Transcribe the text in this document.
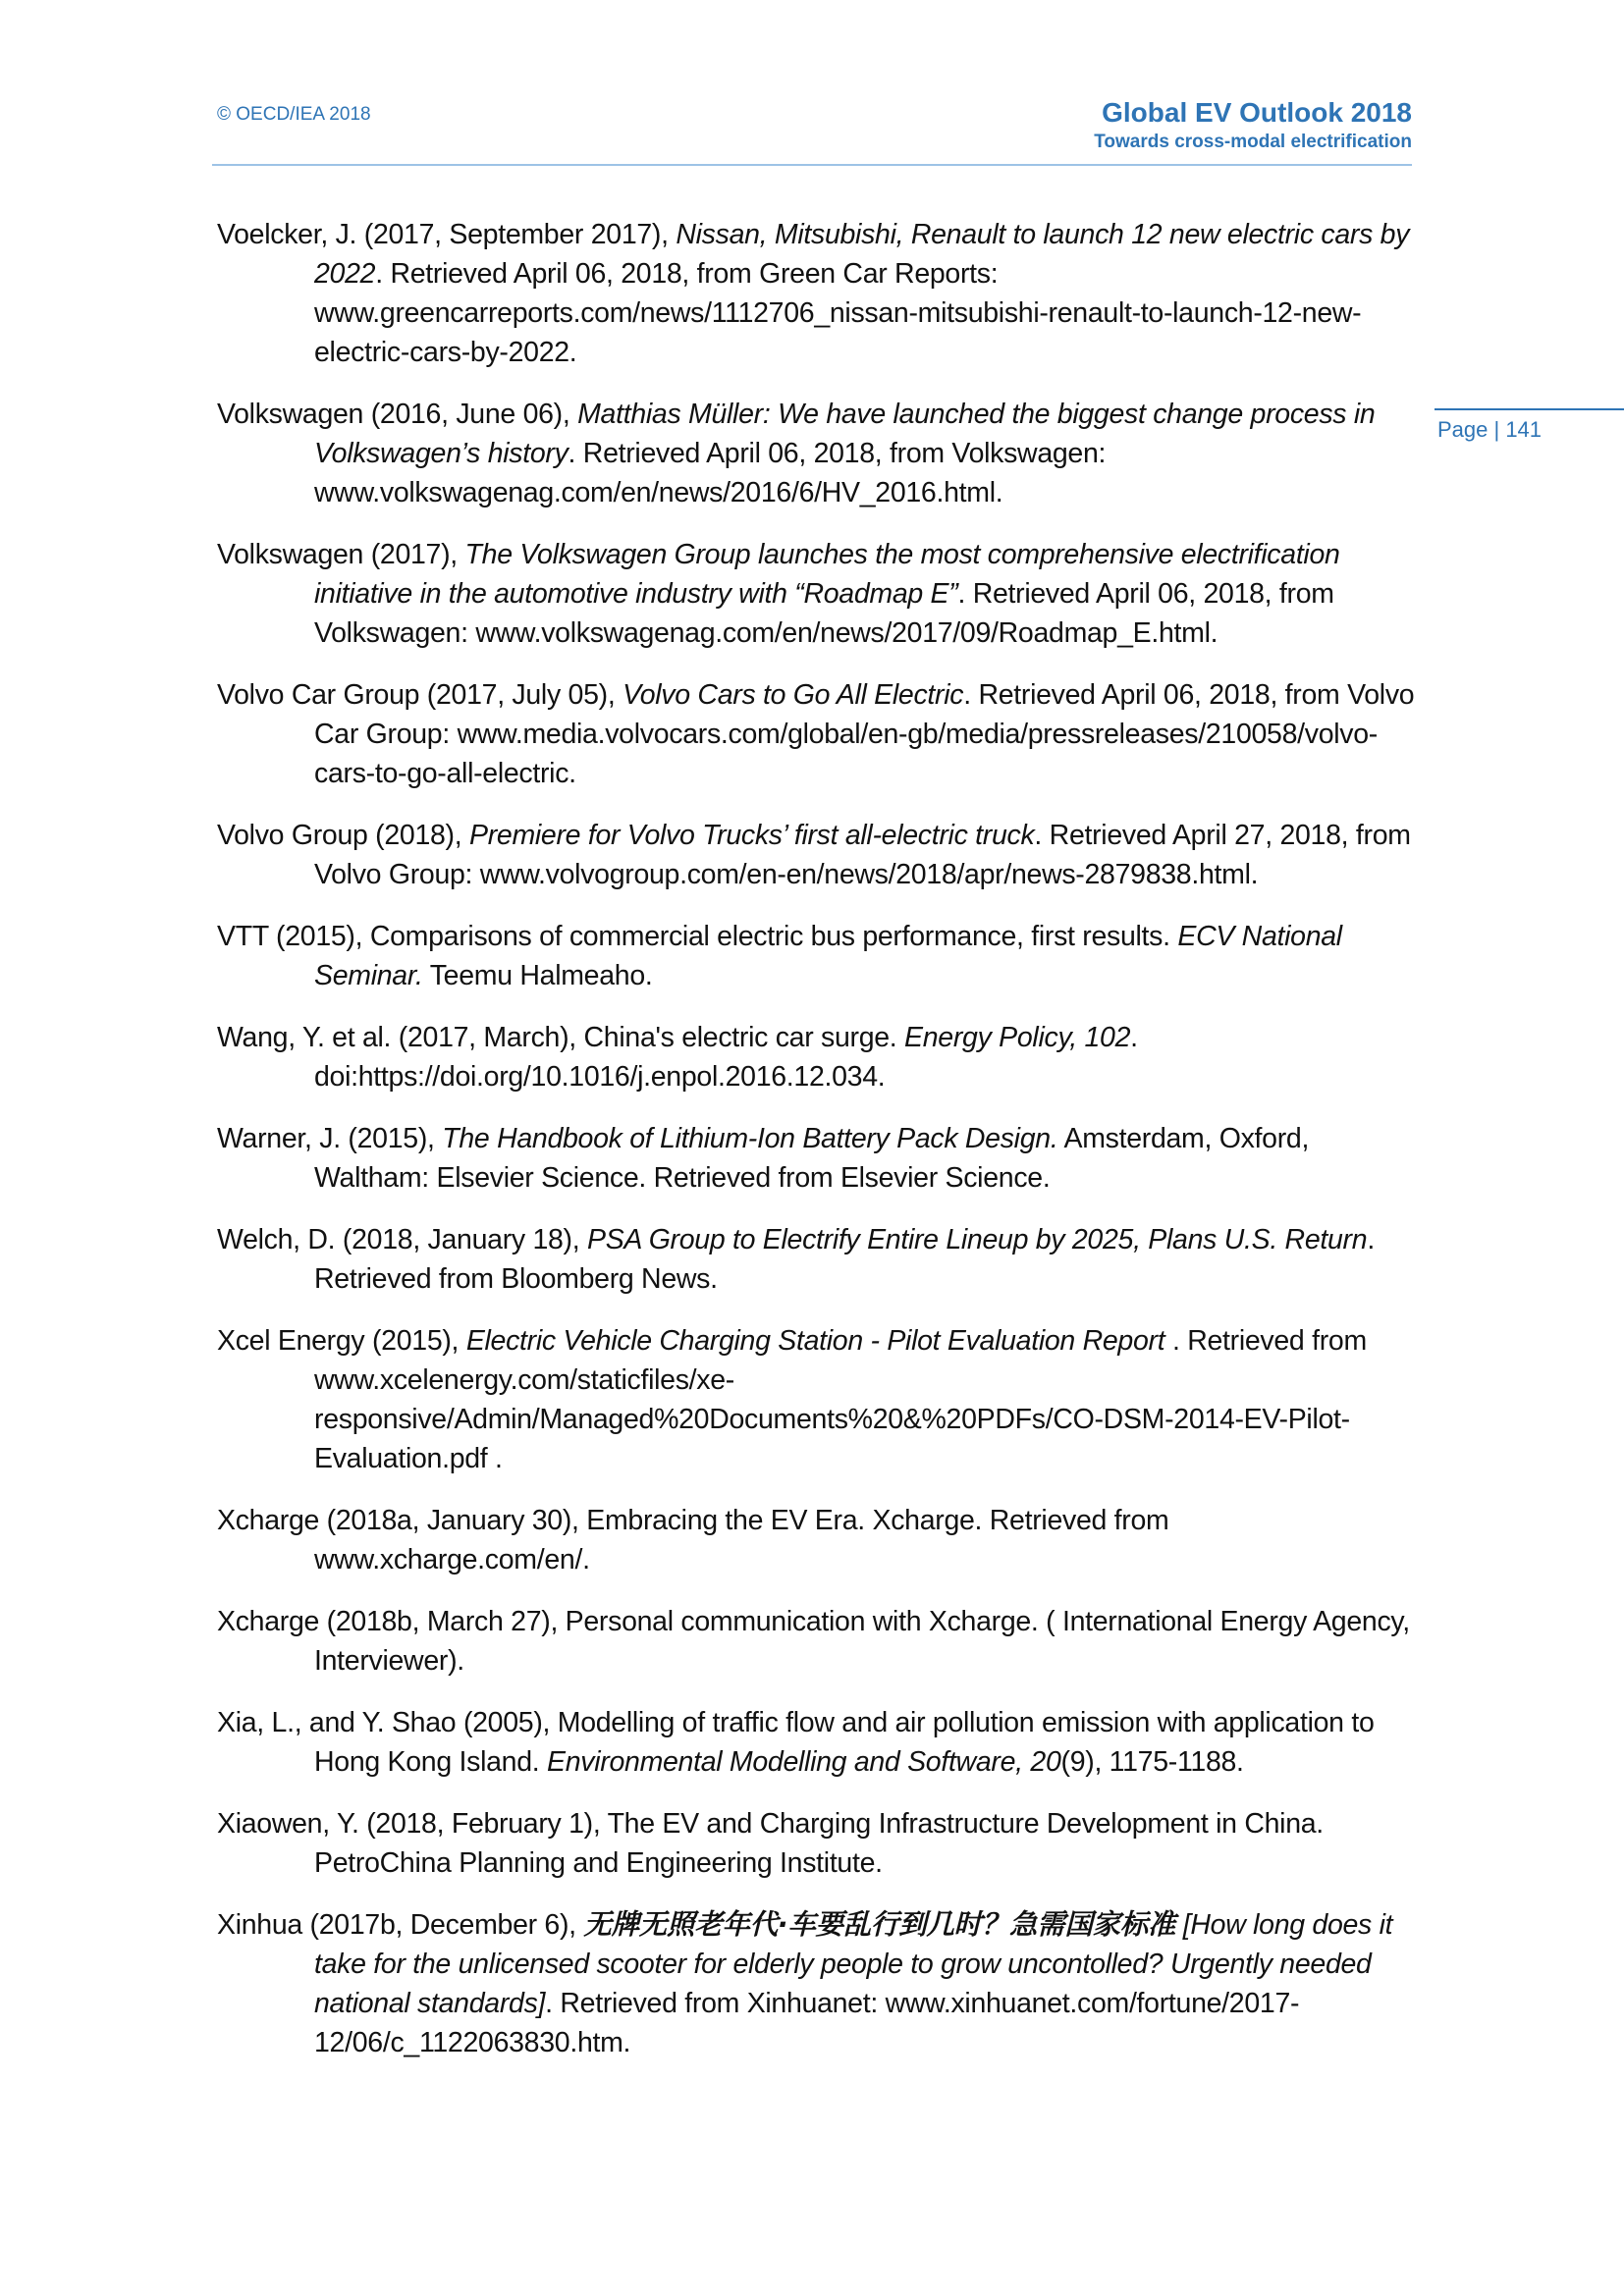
© OECD/IEA 2018	Global EV Outlook 2018
Towards cross-modal electrification
Page | 141

Voelcker, J. (2017, September 2017), Nissan, Mitsubishi, Renault to launch 12 new electric cars by 2022. Retrieved April 06, 2018, from Green Car Reports: www.greencarreports.com/news/1112706_nissan-mitsubishi-renault-to-launch-12-new-electric-cars-by-2022.

Volkswagen (2016, June 06), Matthias Müller: We have launched the biggest change process in Volkswagen’s history. Retrieved April 06, 2018, from Volkswagen: www.volkswagenag.com/en/news/2016/6/HV_2016.html.

Volkswagen (2017), The Volkswagen Group launches the most comprehensive electrification initiative in the automotive industry with “Roadmap E”. Retrieved April 06, 2018, from Volkswagen: www.volkswagenag.com/en/news/2017/09/Roadmap_E.html.

Volvo Car Group (2017, July 05), Volvo Cars to Go All Electric. Retrieved April 06, 2018, from Volvo Car Group: www.media.volvocars.com/global/en-gb/media/pressreleases/210058/volvo-cars-to-go-all-electric.

Volvo Group (2018), Premiere for Volvo Trucks’ first all-electric truck. Retrieved April 27, 2018, from Volvo Group: www.volvogroup.com/en-en/news/2018/apr/news-2879838.html.

VTT (2015), Comparisons of commercial electric bus performance, first results. ECV National Seminar. Teemu Halmeaho.

Wang, Y. et al. (2017, March), China's electric car surge. Energy Policy, 102. doi:https://doi.org/10.1016/j.enpol.2016.12.034.

Warner, J. (2015), The Handbook of Lithium-Ion Battery Pack Design. Amsterdam, Oxford, Waltham: Elsevier Science. Retrieved from Elsevier Science.

Welch, D. (2018, January 18), PSA Group to Electrify Entire Lineup by 2025, Plans U.S. Return. Retrieved from Bloomberg News.

Xcel Energy (2015), Electric Vehicle Charging Station - Pilot Evaluation Report . Retrieved from www.xcelenergy.com/staticfiles/xe-responsive/Admin/Managed%20Documents%20&%20PDFs/CO-DSM-2014-EV-Pilot-Evaluation.pdf .

Xcharge (2018a, January 30), Embracing the EV Era. Xcharge. Retrieved from www.xcharge.com/en/.

Xcharge (2018b, March 27), Personal communication with Xcharge. ( International Energy Agency, Interviewer).

Xia, L., and Y. Shao (2005), Modelling of traffic flow and air pollution emission with application to Hong Kong Island. Environmental Modelling and Software, 20(9), 1175-1188.

Xiaowen, Y. (2018, February 1), The EV and Charging Infrastructure Development in China. PetroChina Planning and Engineering Institute.

Xinhua (2017b, December 6), 无牌无照老年代·车要乱行到几时？急需国家标准 [How long does it take for the unlicensed scooter for elderly people to grow uncontolled? Urgently needed national standards]. Retrieved from Xinhuanet: www.xinhuanet.com/fortune/2017-12/06/c_1122063830.htm.
